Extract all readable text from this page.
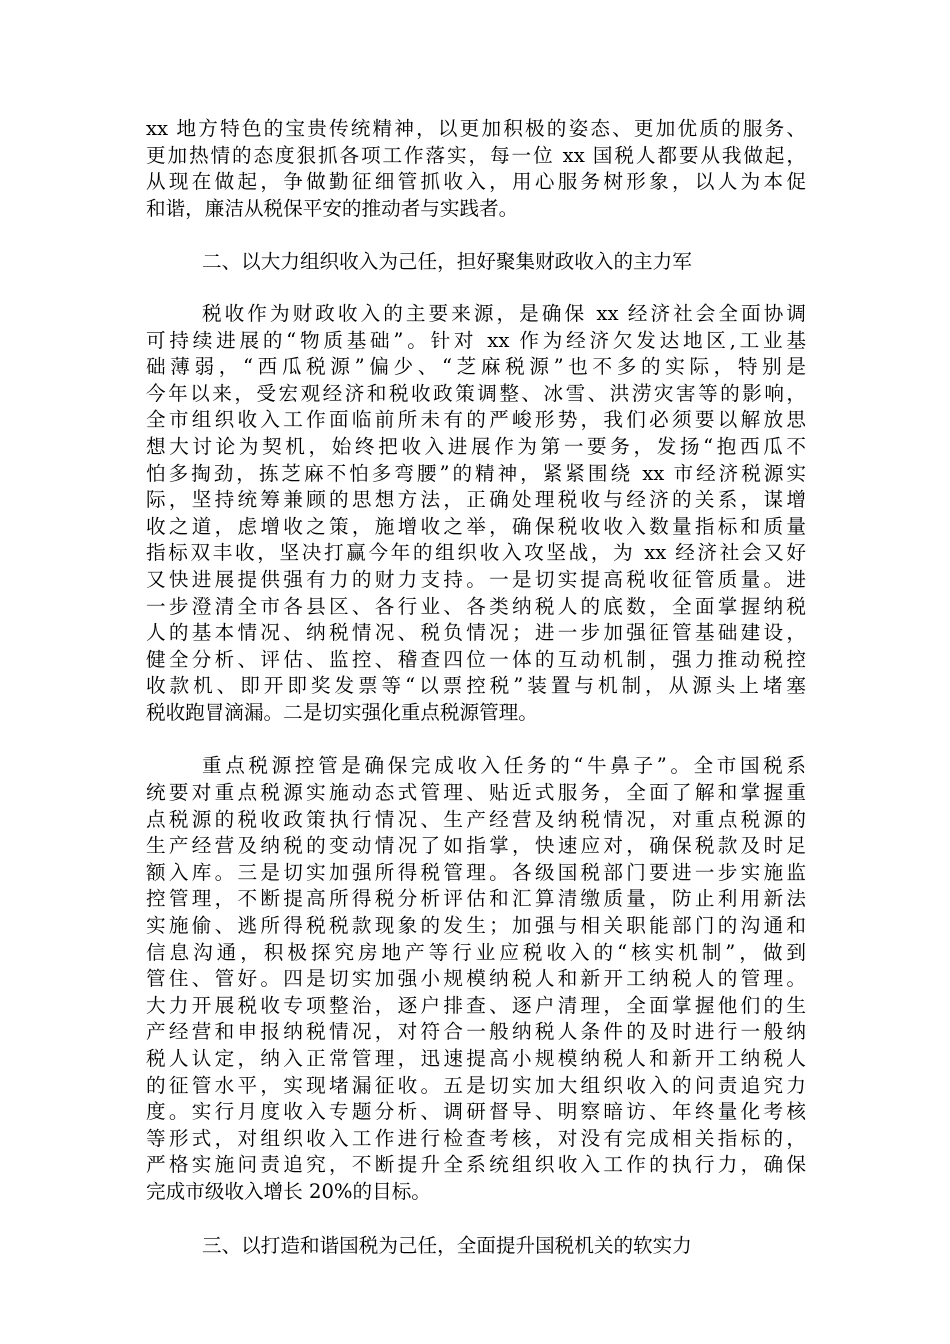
xx 地方特色的宝贵传统精神，以更加积极的姿态、更加优质的服务、
更加热情的态度狠抓各项工作落实，每一位 xx 国税人都要从我做起，
从现在做起，争做勤征细管抓收入，用心服务树形象，以人为本促
和谐，廉洁从税保平安的推动者与实践者。
二、以大力组织收入为己任，担好聚集财政收入的主力军
税收作为财政收入的主要来源，是确保 xx 经济社会全面协调
可持续进展的“物质基础”。针对 xx 作为经济欠发达地区,工业基
础薄弱，“西瓜税源”偏少、“芝麻税源”也不多的实际，特别是
今年以来，受宏观经济和税收政策调整、冰雪、洪涝灾害等的影响，
全市组织收入工作面临前所未有的严峻形势，我们必须要以解放思
想大讨论为契机，始终把收入进展作为第一要务，发扬“抱西瓜不
怕多掏劲，拣芝麻不怕多弯腰”的精神，紧紧围绕 xx 市经济税源实
际，坚持统筹兼顾的思想方法，正确处理税收与经济的关系，谋增
收之道，虑增收之策，施增收之举，确保税收收入数量指标和质量
指标双丰收，坚决打赢今年的组织收入攻坚战，为 xx 经济社会又好
又快进展提供强有力的财力支持。一是切实提高税收征管质量。进
一步澄清全市各县区、各行业、各类纳税人的底数，全面掌握纳税
人的基本情况、纳税情况、税负情况；进一步加强征管基础建设，
健全分析、评估、监控、稽查四位一体的互动机制，强力推动税控
收款机、即开即奖发票等“以票控税”装置与机制，从源头上堵塞
税收跑冒滴漏。二是切实强化重点税源管理。
重点税源控管是确保完成收入任务的“牛鼻子”。全市国税系
统要对重点税源实施动态式管理、贴近式服务，全面了解和掌握重
点税源的税收政策执行情况、生产经营及纳税情况，对重点税源的
生产经营及纳税的变动情况了如指掌，快速应对，确保税款及时足
额入库。三是切实加强所得税管理。各级国税部门要进一步实施监
控管理，不断提高所得税分析评估和汇算清缴质量，防止利用新法
实施偷、逃所得税税款现象的发生；加强与相关职能部门的沟通和
信息沟通，积极探究房地产等行业应税收入的“核实机制”，做到
管住、管好。四是切实加强小规模纳税人和新开工纳税人的管理。
大力开展税收专项整治，逐户排查、逐户清理，全面掌握他们的生
产经营和申报纳税情况，对符合一般纳税人条件的及时进行一般纳
税人认定，纳入正常管理，迅速提高小规模纳税人和新开工纳税人
的征管水平，实现堵漏征收。五是切实加大组织收入的问责追究力
度。实行月度收入专题分析、调研督导、明察暗访、年终量化考核
等形式，对组织收入工作进行检查考核，对没有完成相关指标的，
严格实施问责追究，不断提升全系统组织收入工作的执行力，确保
完成市级收入增长 20%的目标。
三、以打造和谐国税为己任，全面提升国税机关的软实力
